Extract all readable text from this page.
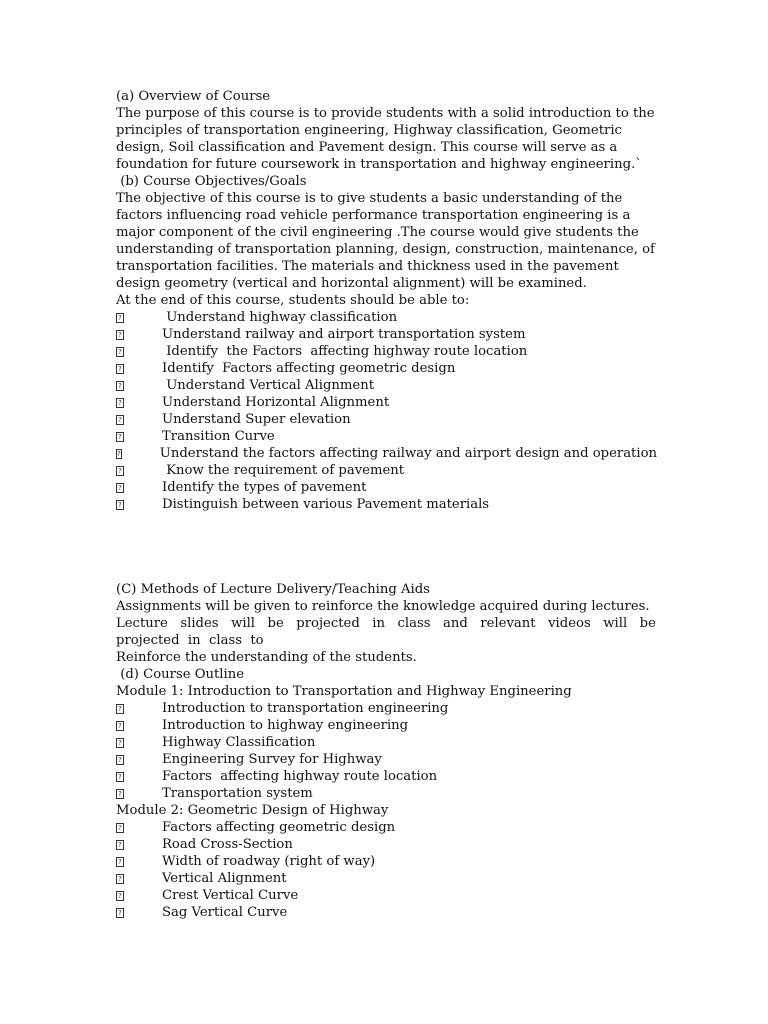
(a) Overview of Course
The purpose of this course is to provide students with a solid introduction to the
principles of transportation engineering, Highway classification, Geometric
design, Soil classification and Pavement design. This course will serve as a
foundation for future coursework in transportation and highway engineering.`
(b) Course Objectives/Goals
The objective of this course is to give students a basic understanding of the
factors influencing road vehicle performance transportation engineering is a
major component of the civil engineering .The course would give students the
understanding of transportation planning, design, construction, maintenance, of
transportation facilities. The materials and thickness used in the pavement
design geometry (vertical and horizontal alignment) will be examined.
At the end of this course, students should be able to:
?	Understand highway classification
?	Understand railway and airport transportation system
?	Identify  the Factors  affecting highway route location
?	Identify  Factors affecting geometric design
?	Understand Vertical Alignment
?	Understand Horizontal Alignment
?	Understand Super elevation
?	Transition Curve
?	Understand the factors affecting railway and airport design and operation
?	Know the requirement of pavement
?	Identify the types of pavement
?	Distinguish between various Pavement materials
(C) Methods of Lecture Delivery/Teaching Aids
Assignments will be given to reinforce the knowledge acquired during lectures.
Lecture slides will be projected in class and relevant videos will be
projected  in  class  to
Reinforce the understanding of the students.
(d) Course Outline
Module 1: Introduction to Transportation and Highway Engineering
?	Introduction to transportation engineering
?	Introduction to highway engineering
?	Highway Classification
?	Engineering Survey for Highway
?	Factors  affecting highway route location
?	Transportation system
Module 2: Geometric Design of Highway
?	Factors affecting geometric design
?	Road Cross-Section
?	Width of roadway (right of way)
?	Vertical Alignment
?	Crest Vertical Curve
?	Sag Vertical Curve
